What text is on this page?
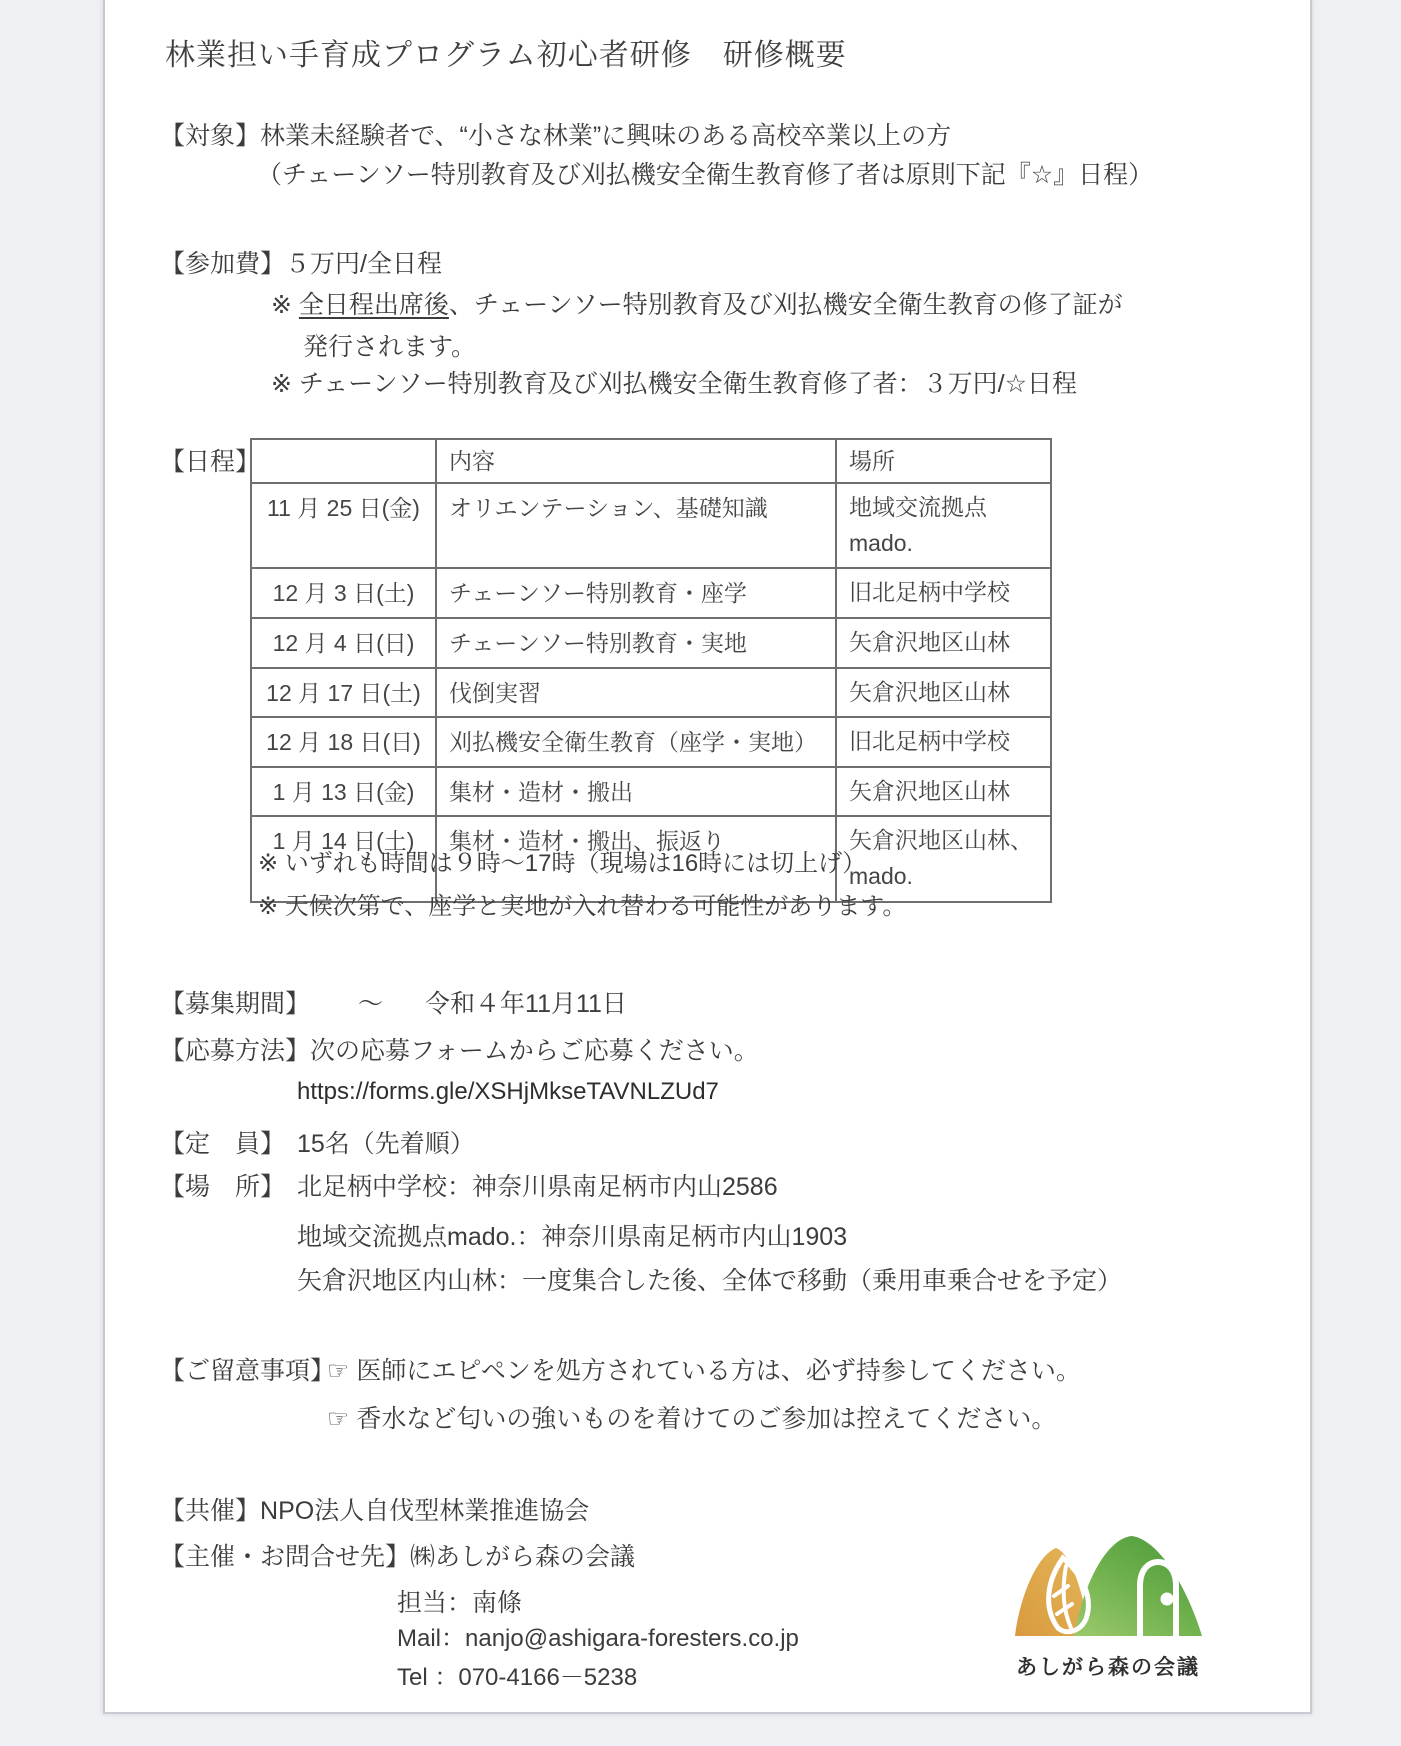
林業担い手育成プログラム初心者研修　研修概要
【対象】林業未経験者で、“小さな林業”に興味のある高校卒業以上の方
（チェーンソー特別教育及び刈払機安全衛生教育修了者は原則下記『☆』日程）
【参加費】５万円/全日程
※ 全日程出席後、チェーンソー特別教育及び刈払機安全衛生教育の修了証が
発行されます。
※ チェーンソー特別教育及び刈払機安全衛生教育修了者：３万円/☆日程
【日程】
		内容	場所
11 月 25 日(金)	オリエンテーション、基礎知識	地域交流拠点mado.
12 月 3 日(土)	チェーンソー特別教育・座学	旧北足柄中学校
12 月 4 日(日)	チェーンソー特別教育・実地	矢倉沢地区山林
12 月 17 日(土)	伐倒実習	矢倉沢地区山林
12 月 18 日(日)	刈払機安全衛生教育（座学・実地）	旧北足柄中学校
1 月 13 日(金)	集材・造材・搬出	矢倉沢地区山林
1 月 14 日(土)	集材・造材・搬出、振返り	矢倉沢地区山林、mado.
※ いずれも時間は９時～17時（現場は16時には切上げ）
※ 天候次第で、座学と実地が入れ替わる可能性があります。
【募集期間】 ～ 令和４年11月11日
【応募方法】次の応募フォームからご応募ください。
https://forms.gle/XSHjMkseTAVNLZUd7
【定　員】 15名（先着順）
【場　所】 北足柄中学校：神奈川県南足柄市内山2586
地域交流拠点mado.：神奈川県南足柄市内山1903
矢倉沢地区内山林：一度集合した後、全体で移動（乗用車乗合せを予定）
【ご留意事項】
☞ 医師にエピペンを処方されている方は、必ず持参してください。
☞ 香水など匂いの強いものを着けてのご参加は控えてください。
【共催】NPO法人自伐型林業推進協会
【主催・お問合せ先】㈱あしがら森の会議
担当：南條
Mail：nanjo@ashigara-foresters.co.jp
Tel ：070-4166－5238	あしがら森の会議
